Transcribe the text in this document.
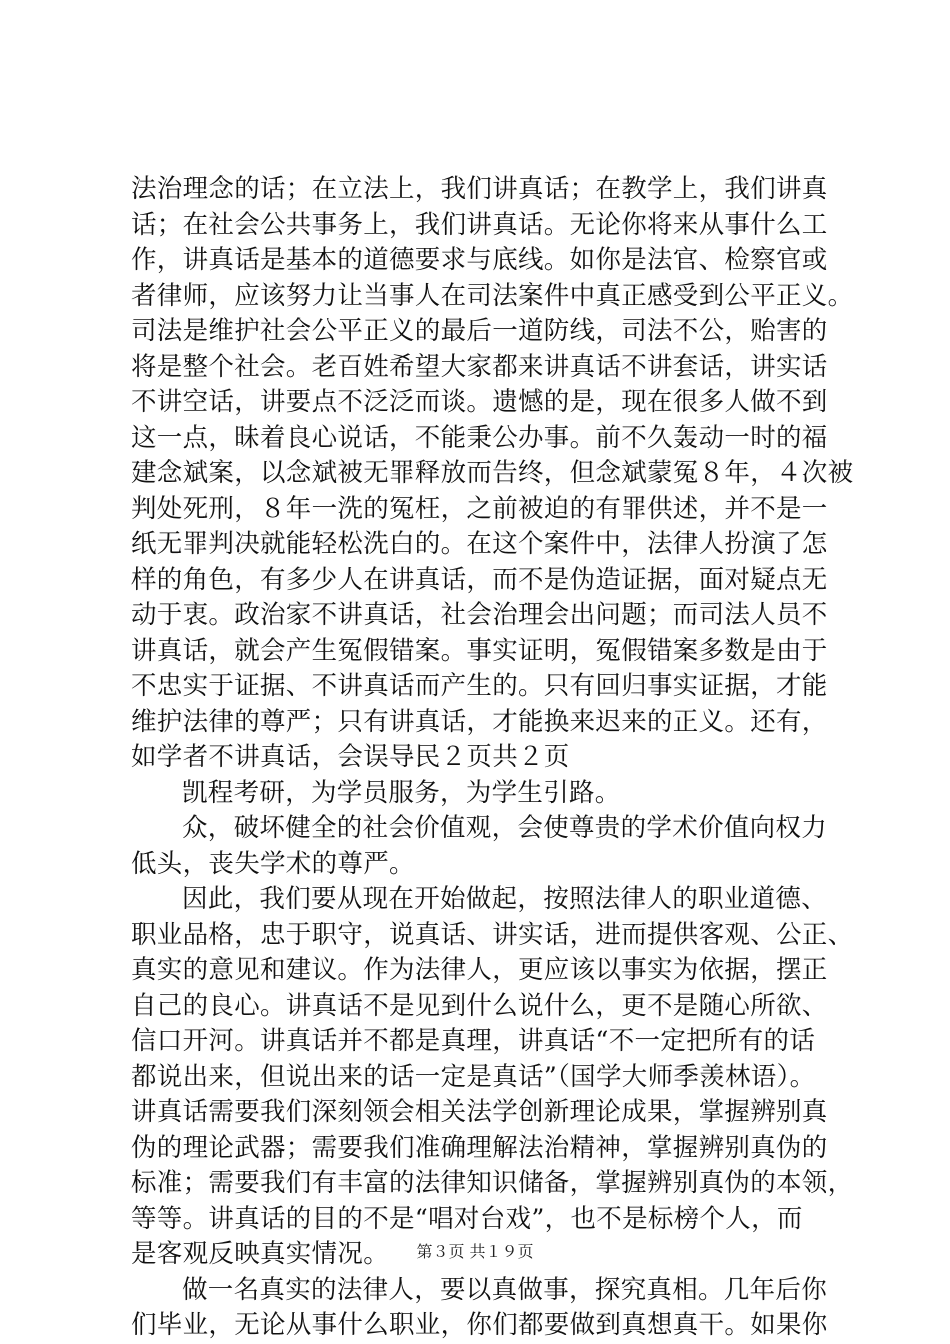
法治理念的话；在立法上，我们讲真话；在教学上，我们讲真
话；在社会公共事务上，我们讲真话。无论你将来从事什么工
作，讲真话是基本的道德要求与底线。如你是法官、检察官或
者律师，应该努力让当事人在司法案件中真正感受到公平正义。
司法是维护社会公平正义的最后一道防线，司法不公，贻害的
将是整个社会。老百姓希望大家都来讲真话不讲套话，讲实话
不讲空话，讲要点不泛泛而谈。遗憾的是，现在很多人做不到
这一点，昧着良心说话，不能秉公办事。前不久轰动一时的福
建念斌案，以念斌被无罪释放而告终，但念斌蒙冤８年，４次被
判处死刑，８年一洗的冤枉，之前被迫的有罪供述，并不是一
纸无罪判决就能轻松洗白的。在这个案件中，法律人扮演了怎
样的角色，有多少人在讲真话，而不是伪造证据，面对疑点无
动于衷。政治家不讲真话，社会治理会出问题；而司法人员不
讲真话，就会产生冤假错案。事实证明，冤假错案多数是由于
不忠实于证据、不讲真话而产生的。只有回归事实证据，才能
维护法律的尊严；只有讲真话，才能换来迟来的正义。还有，
如学者不讲真话，会误导民２页共２页
凯程考研，为学员服务，为学生引路。
众，破坏健全的社会价值观，会使尊贵的学术价值向权力
低头，丧失学术的尊严。
因此，我们要从现在开始做起，按照法律人的职业道德、
职业品格，忠于职守，说真话、讲实话，进而提供客观、公正、
真实的意见和建议。作为法律人，更应该以事实为依据，摆正
自己的良心。讲真话不是见到什么说什么，更不是随心所欲、
信口开河。讲真话并不都是真理，讲真话“不一定把所有的话
都说出来，但说出来的话一定是真话”（国学大师季羡林语）。
讲真话需要我们深刻领会相关法学创新理论成果，掌握辨别真
伪的理论武器；需要我们准确理解法治精神，掌握辨别真伪的
标准；需要我们有丰富的法律知识储备，掌握辨别真伪的本领，
等等。讲真话的目的不是“唱对台戏”，也不是标榜个人，而
是客观反映真实情况。
做一名真实的法律人，要以真做事，探究真相。几年后你
们毕业，无论从事什么职业，你们都要做到真想真干。如果你
第３页 共１９页
